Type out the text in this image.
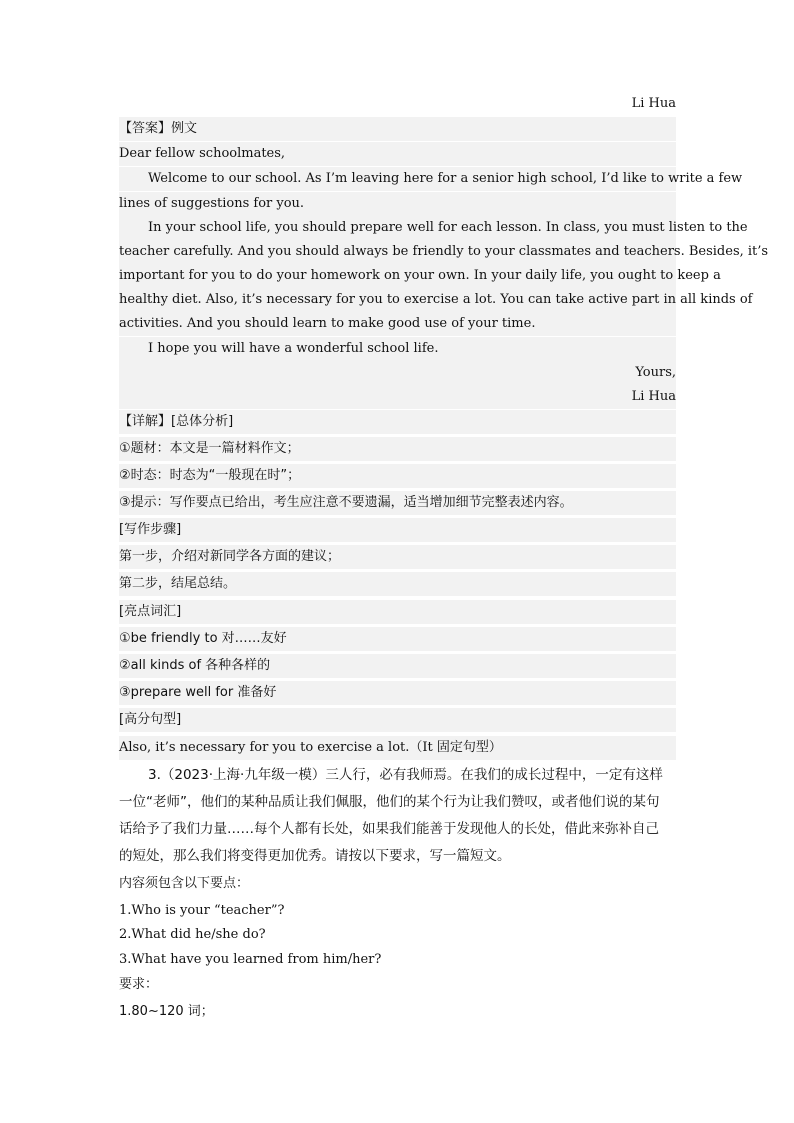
Li Hua
【答案】例文
Dear fellow schoolmates,
Welcome to our school. As I’m leaving here for a senior high school, I’d like to write a few
lines of suggestions for you.
In your school life, you should prepare well for each lesson. In class, you must listen to the
teacher carefully. And you should always be friendly to your classmates and teachers. Besides, it’s
important for you to do your homework on your own. In your daily life, you ought to keep a
healthy diet. Also, it’s necessary for you to exercise a lot. You can take active part in all kinds of
activities. And you should learn to make good use of your time.
I hope you will have a wonderful school life.
Yours,
Li Hua
【详解】[总体分析]
①题材：本文是一篇材料作文；
②时态：时态为“一般现在时”；
③提示：写作要点已给出，考生应注意不要遗漏，适当增加细节完整表述内容。
[写作步骤]
第一步，介绍对新同学各方面的建议；
第二步，结尾总结。
[亮点词汇]
①be friendly to 对……友好
②all kinds of 各种各样的
③prepare well for 准备好
[高分句型]
Also, it’s necessary for you to exercise a lot.（It 固定句型）
3.（2023·上海·九年级一模）三人行，必有我师焉。在我们的成长过程中，一定有这样
一位“老师”，他们的某种品质让我们佩服，他们的某个行为让我们赞叹，或者他们说的某句
话给予了我们力量……每个人都有长处，如果我们能善于发现他人的长处，借此来弥补自己
的短处，那么我们将变得更加优秀。请按以下要求，写一篇短文。
内容须包含以下要点：
1.Who is your “teacher”?
2.What did he/she do?
3.What have you learned from him/her?
要求：
1.80~120 词；
